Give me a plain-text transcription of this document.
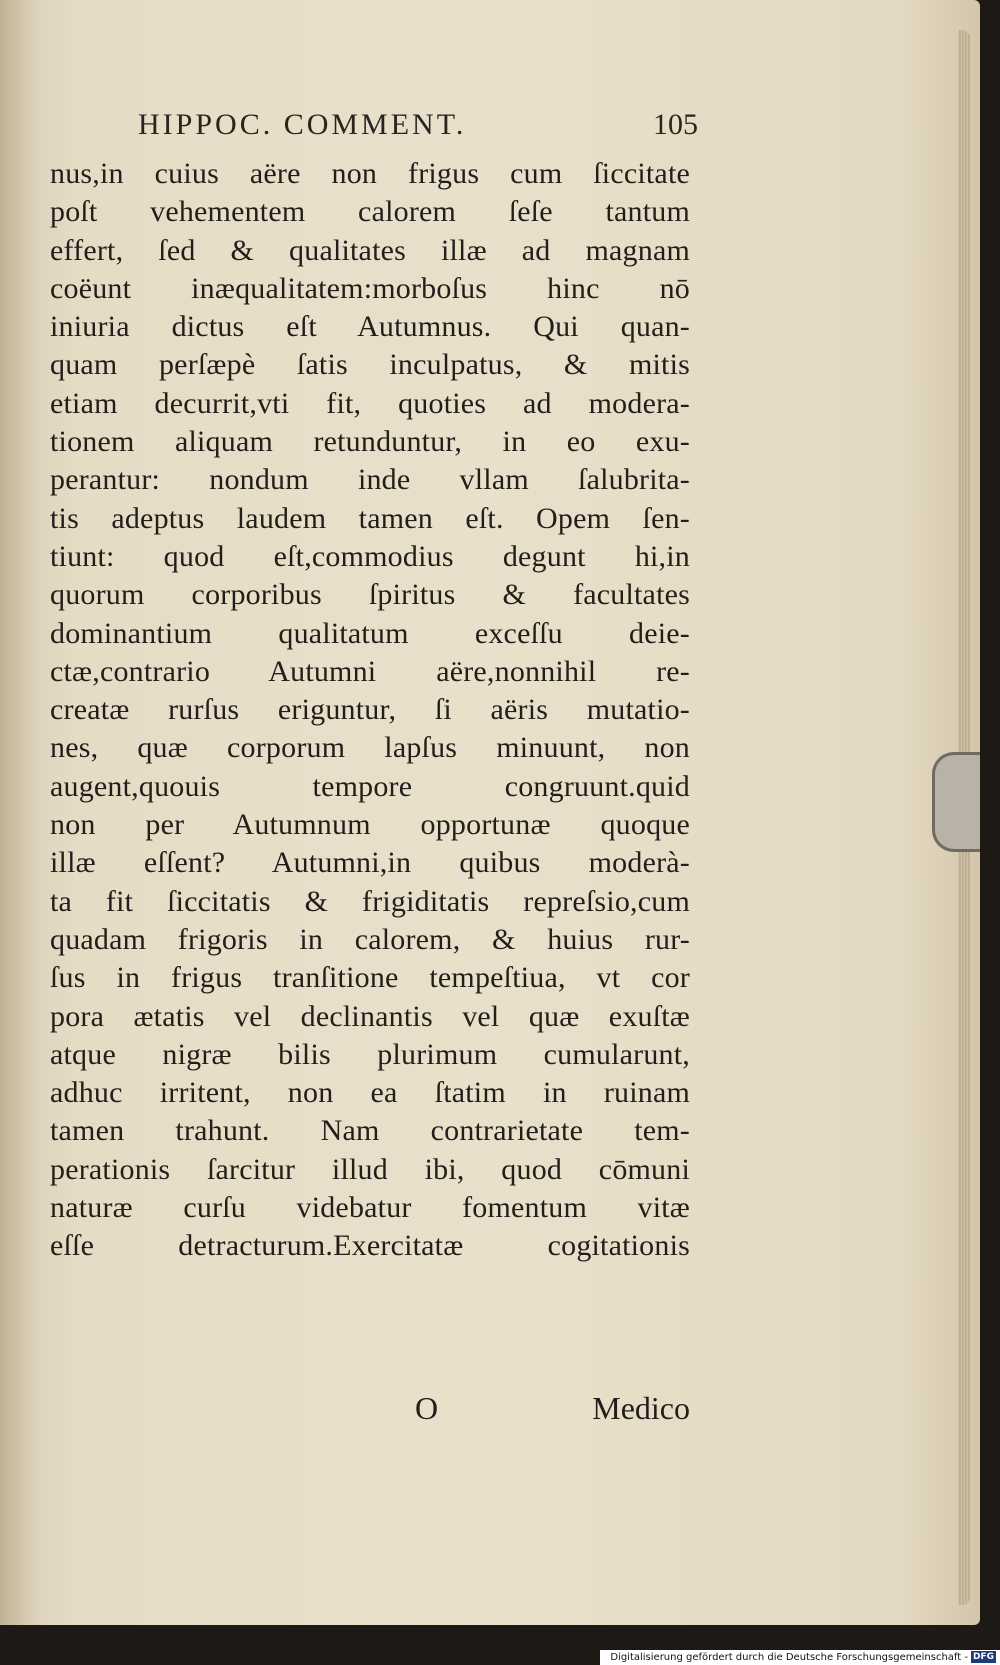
HIPPOC. COMMENT.	105
nus,in cuius aëre non frigus cum ſiccitate
poſt vehementem calorem ſeſe tantum
effert, ſed & qualitates illæ ad magnam
coëunt inæqualitatem:morboſus hinc nō
iniuria dictus eſt Autumnus. Qui quan-
quam perſæpè ſatis inculpatus, & mitis
etiam decurrit,vti fit, quoties ad modera-
tionem aliquam retunduntur, in eo exu-
perantur: nondum inde vllam ſalubrita-
tis adeptus laudem tamen eſt. Opem ſen-
tiunt: quod eſt,commodius degunt hi,in
quorum corporibus ſpiritus & facultates
dominantium qualitatum exceſſu deie-
ctæ,contrario Autumni aëre,nonnihil re-
creatæ rurſus eriguntur, ſi aëris mutatio-
nes, quæ corporum lapſus minuunt, non
augent,quouis tempore congruunt.quid
non per Autumnum opportunæ quoque
illæ eſſent? Autumni,in quibus moderà-
ta fit ſiccitatis & frigiditatis repreſsio,cum
quadam frigoris in calorem, & huius rur-
ſus in frigus tranſitione tempeſtiua, vt cor
pora ætatis vel declinantis vel quæ exuſtæ
atque nigræ bilis plurimum cumularunt,
adhuc irritent, non ea ſtatim in ruinam
tamen trahunt. Nam contrarietate tem-
perationis ſarcitur illud ibi, quod cōmuni
naturæ curſu videbatur fomentum vitæ
eſſe detracturum.Exercitatæ cogitationis
O	Medico
Digitalisierung gefördert durch die Deutsche Forschungsgemeinschaft - DFG
